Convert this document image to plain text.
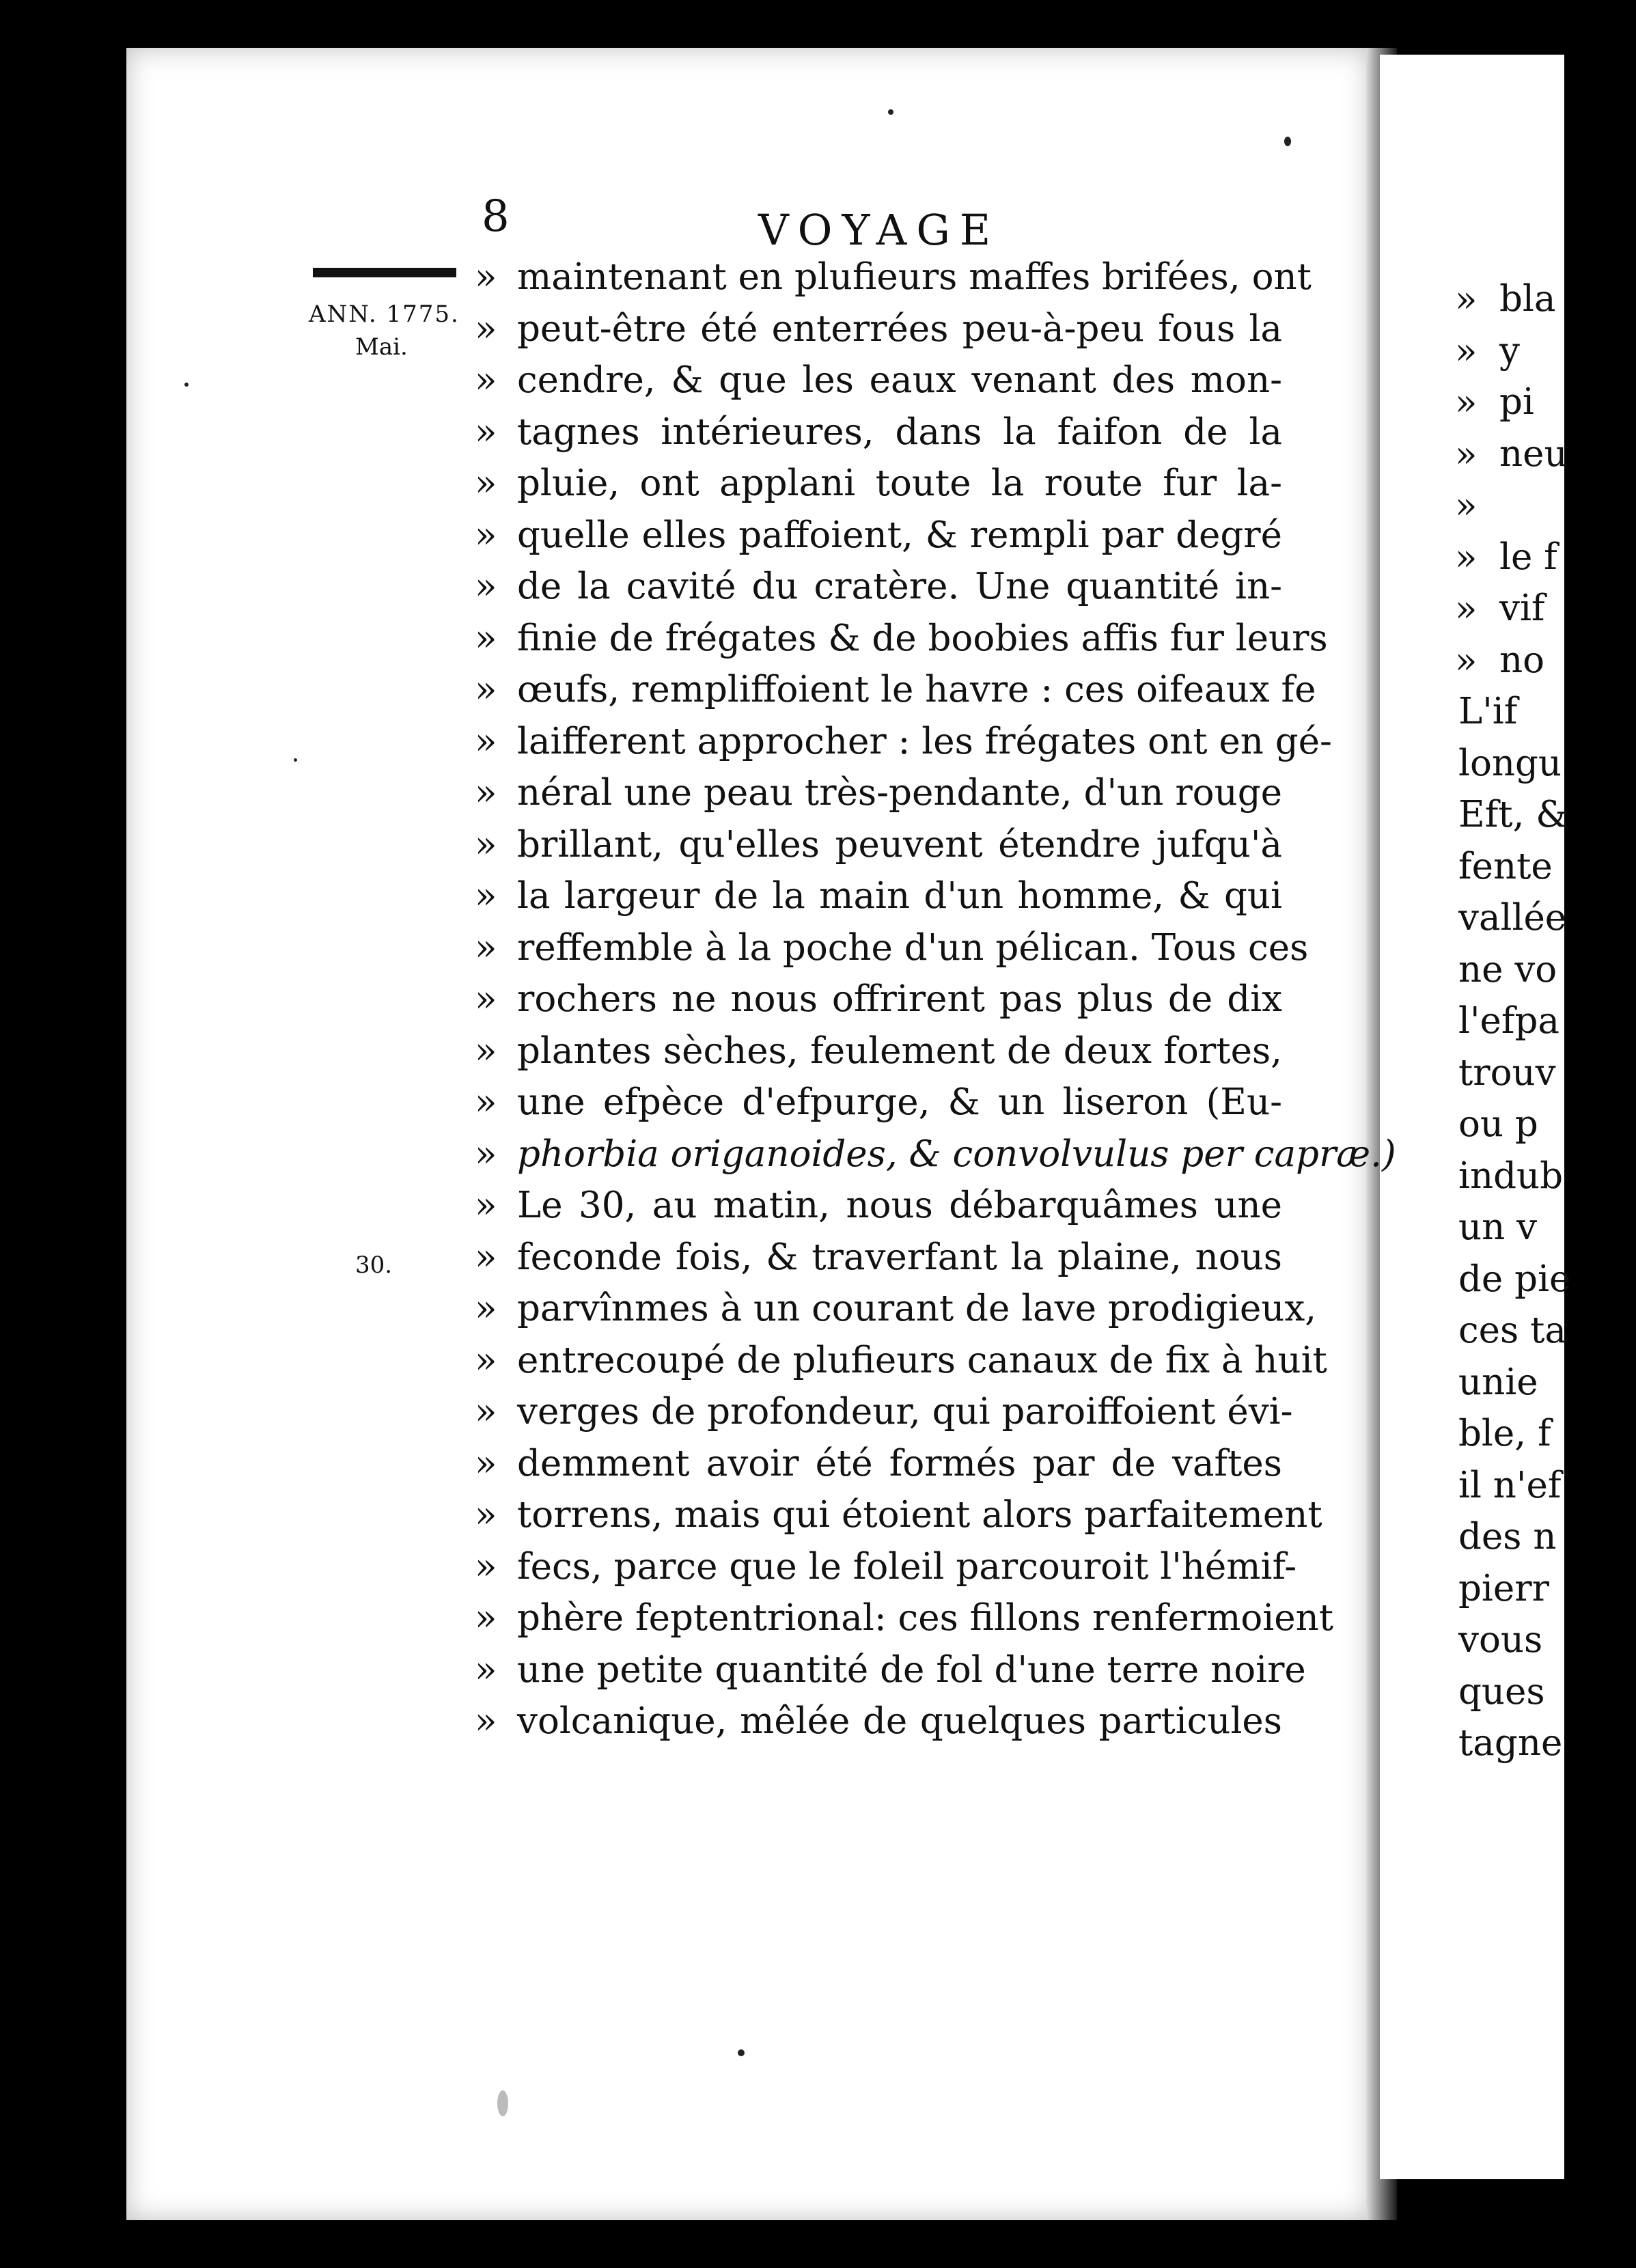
8	VOYAGE
ANN. 1775.
Mai.
30.
» maintenant en plufieurs maffes brifées, ont
» peut-être été enterrées peu-à-peu fous la
» cendre, & que les eaux venant des mon-
» tagnes intérieures, dans la faifon de la
» pluie, ont applani toute la route fur la-
» quelle elles paffoient, & rempli par degré
» de la cavité du cratère. Une quantité in-
» finie de frégates & de boobies affis fur leurs
» œufs, rempliffoient le havre : ces oifeaux fe
» laifferent approcher : les frégates ont en gé-
» néral une peau très-pendante, d'un rouge
» brillant, qu'elles peuvent étendre jufqu'à
» la largeur de la main d'un homme, & qui
» reffemble à la poche d'un pélican. Tous ces
» rochers ne nous offrirent pas plus de dix
» plantes sèches, feulement de deux fortes,
» une efpèce d'efpurge, & un liseron (Eu-
» phorbia origanoides, & convolvulus per capræ.)
» Le 30, au matin, nous débarquâmes une
» feconde fois, & traverfant la plaine, nous
» parvînmes à un courant de lave prodigieux,
» entrecoupé de plufieurs canaux de fix à huit
» verges de profondeur, qui paroiffoient évi-
» demment avoir été formés par de vaftes
» torrens, mais qui étoient alors parfaitement
» fecs, parce que le foleil parcouroit l'hémif-
» phère feptentrional: ces fillons renfermoient
» une petite quantité de fol d'une terre noire
» volcanique, mêlée de quelques particules
» bla
» y
» pi
» neu
»
» le f
» vif
» no
L'if
longu
Eft, &
fente
vallée
ne vo
l'efpa
trouv
ou p
indub
un v
de pie
ces ta
unie
ble, f
il n'ef
des n
pierr
vous
ques
tagne
